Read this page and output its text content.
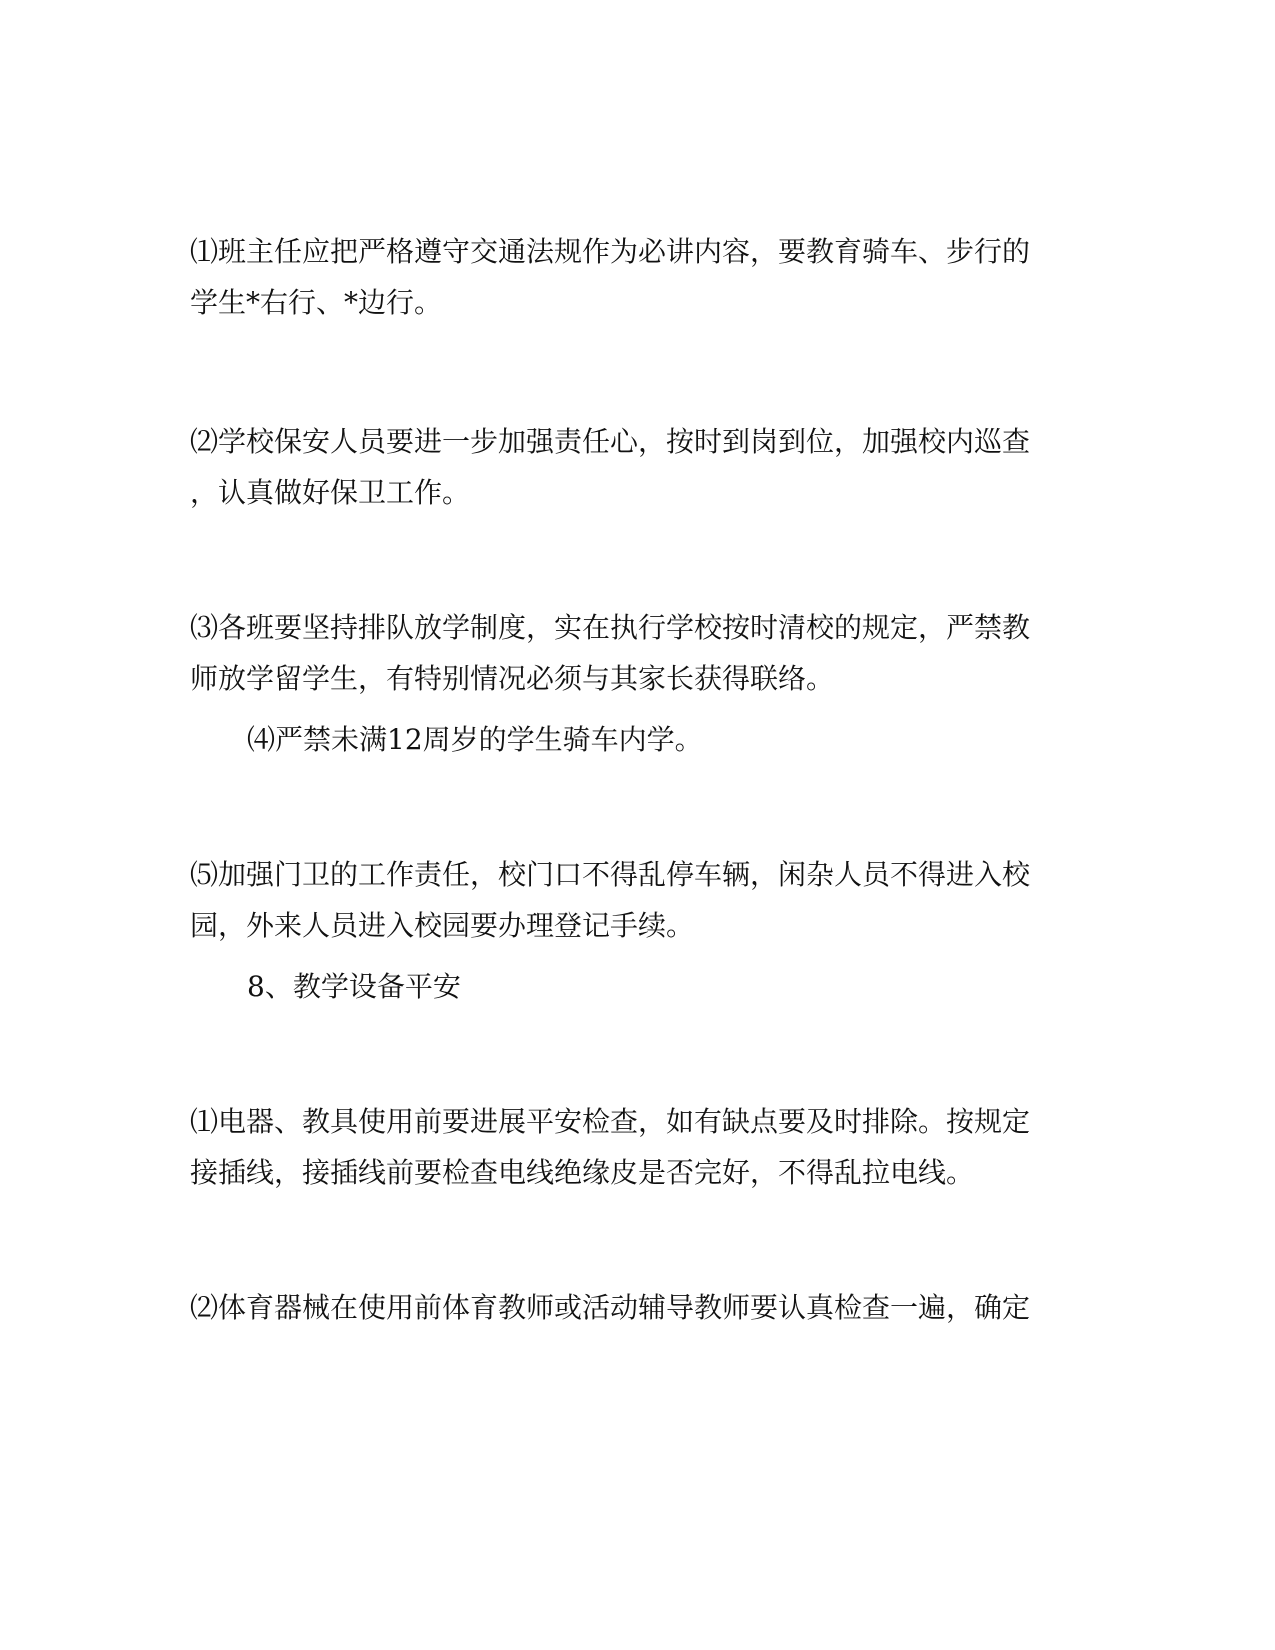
⑴班主任应把严格遵守交通法规作为必讲内容，要教育骑车、步行的

学生*右行、*边行。

⑵学校保安人员要进一步加强责任心，按时到岗到位，加强校内巡查

，认真做好保卫工作。

⑶各班要坚持排队放学制度，实在执行学校按时清校的规定，严禁教

师放学留学生，有特别情况必须与其家长获得联络。

⑷严禁未满12周岁的学生骑车内学。

⑸加强门卫的工作责任，校门口不得乱停车辆，闲杂人员不得进入校

园，外来人员进入校园要办理登记手续。

8、教学设备平安

⑴电器、教具使用前要进展平安检查，如有缺点要及时排除。按规定

接插线，接插线前要检查电线绝缘皮是否完好，不得乱拉电线。

⑵体育器械在使用前体育教师或活动辅导教师要认真检查一遍，确定
